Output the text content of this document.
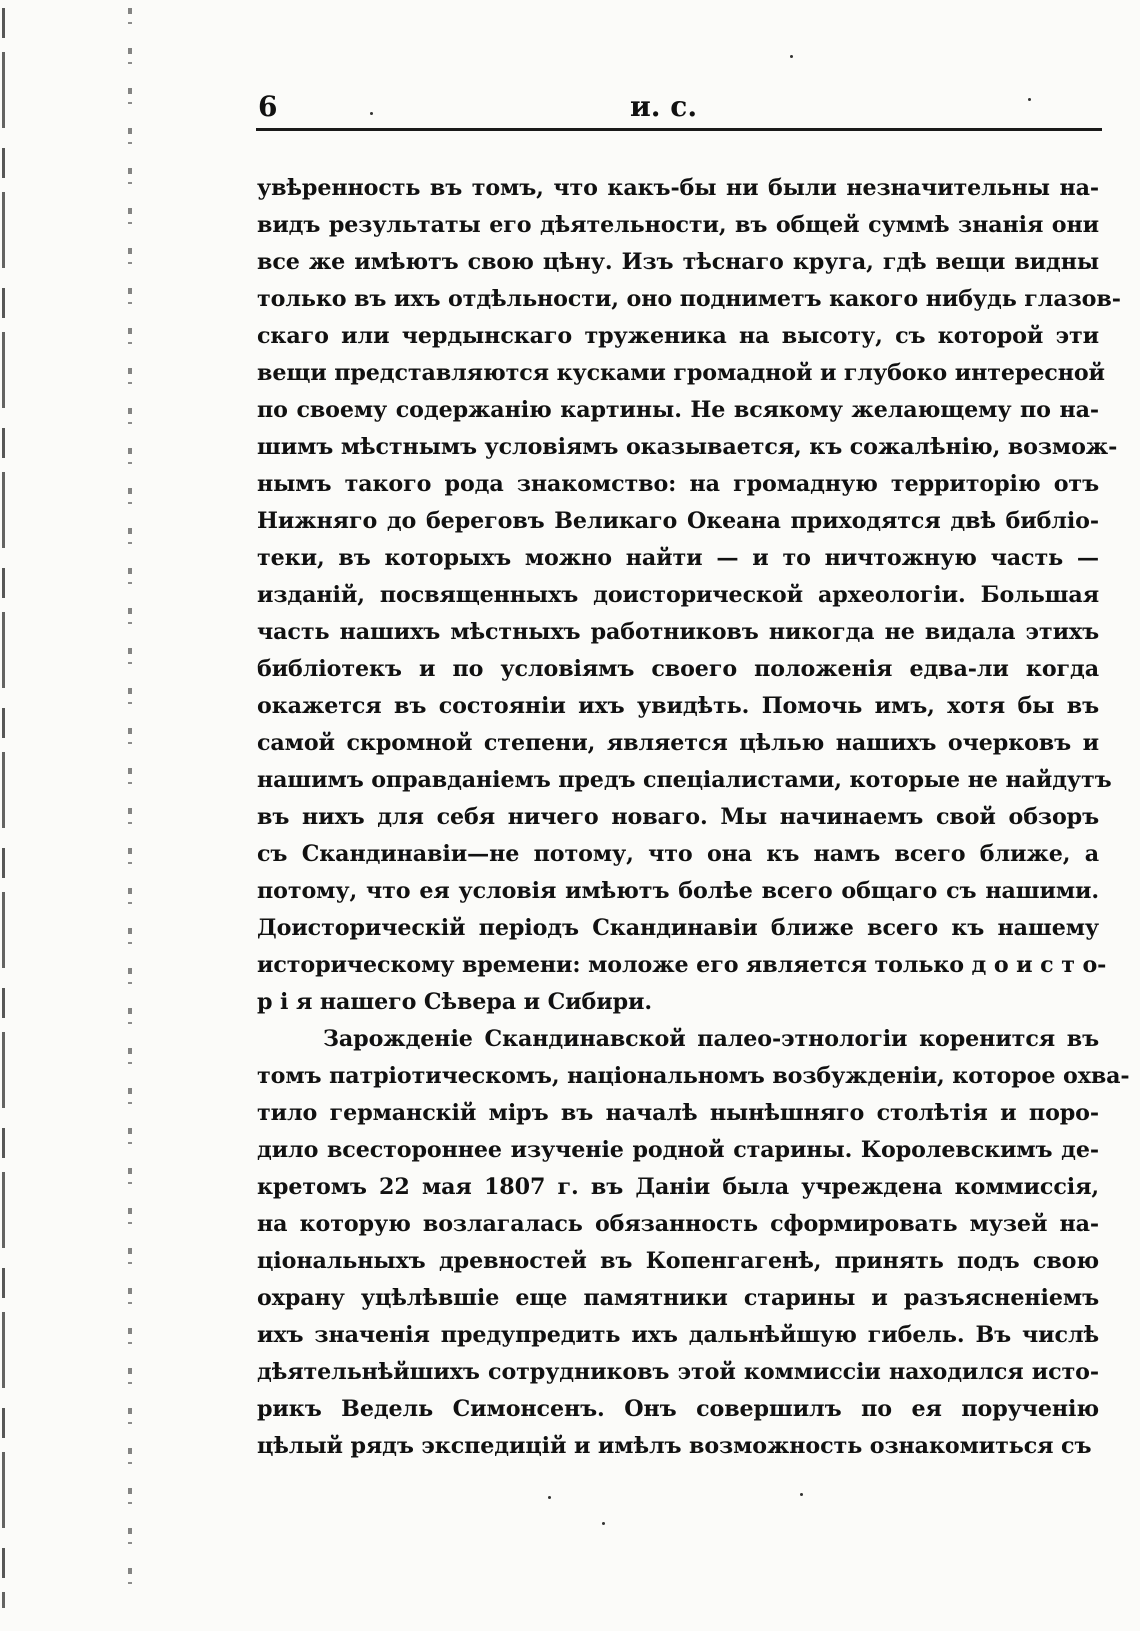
6	и. с.
увѣренность въ томъ, что какъ-бы ни были незначительны на-
видъ результаты его дѣятельности, въ общей суммѣ знанія они
все же имѣютъ свою цѣну. Изъ тѣснаго круга, гдѣ вещи видны
только въ ихъ отдѣльности, оно подниметъ какого нибудь глазов-
скаго или чердынскаго труженика на высоту, съ которой эти
вещи представляются кусками громадной и глубоко интересной
по своему содержанію картины. Не всякому желающему по на-
шимъ мѣстнымъ условіямъ оказывается, къ сожалѣнію, возмож-
нымъ такого рода знакомство: на громадную территорію отъ
Нижняго до береговъ Великаго Океана приходятся двѣ библіо-
теки, въ которыхъ можно найти — и то ничтожную часть —
изданій, посвященныхъ доисторической археологіи. Большая
часть нашихъ мѣстныхъ работниковъ никогда не видала этихъ
библіотекъ и по условіямъ своего положенія едва-ли когда
окажется въ состояніи ихъ увидѣть. Помочь имъ, хотя бы въ
самой скромной степени, является цѣлью нашихъ очерковъ и
нашимъ оправданіемъ предъ спеціалистами, которые не найдутъ
въ нихъ для себя ничего новаго. Мы начинаемъ свой обзоръ
съ Скандинавіи—не потому, что она къ намъ всего ближе, а
потому, что ея условія имѣютъ болѣе всего общаго съ нашими.
Доисторическій періодъ Скандинавіи ближе всего къ нашему
историческому времени: моложе его является только д о и с т о-
р і я нашего Сѣвера и Сибири.
Зарожденіе Скандинавской палео-этнологіи коренится въ
томъ патріотическомъ, національномъ возбужденіи, которое охва-
тило германскій міръ въ началѣ нынѣшняго столѣтія и поро-
дило всестороннее изученіе родной старины. Королевскимъ де-
кретомъ 22 мая 1807 г. въ Даніи была учреждена коммиссія,
на которую возлагалась обязанность сформировать музей на-
ціональныхъ древностей въ Копенгагенѣ, принять подъ свою
охрану уцѣлѣвшіе еще памятники старины и разъясненіемъ
ихъ значенія предупредить ихъ дальнѣйшую гибель. Въ числѣ
дѣятельнѣйшихъ сотрудниковъ этой коммиссіи находился исто-
рикъ Ведель Симонсенъ. Онъ совершилъ по ея порученію
цѣлый рядъ экспедицій и имѣлъ возможность ознакомиться съ
